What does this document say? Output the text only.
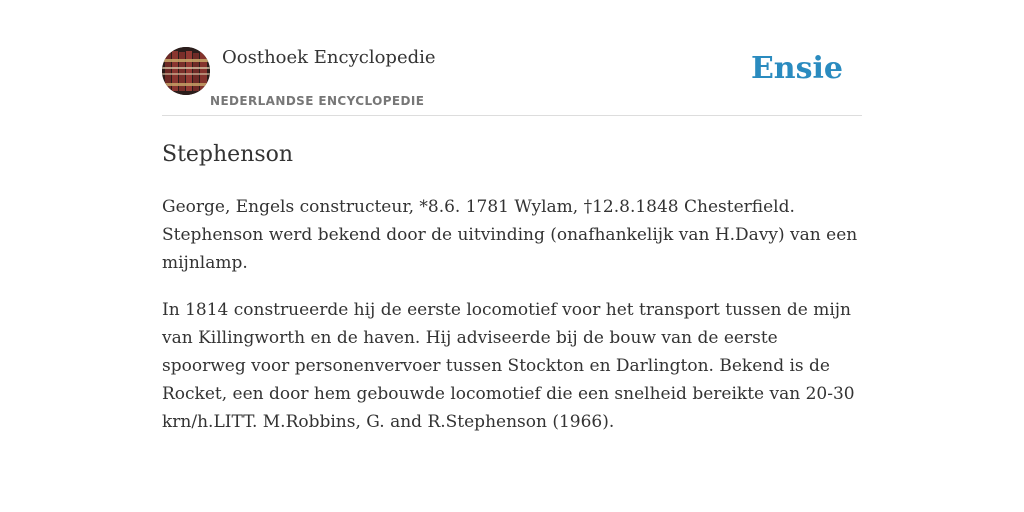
Oosthoek Encyclopedie
NEDERLANDSE ENCYCLOPEDIE
Ensie
Stephenson

George, Engels constructeur, *8.6. 1781 Wylam, †12.8.1848 Chesterfield. Stephenson werd bekend door de uitvinding (onafhankelijk van H.Davy) van een mijnlamp.

In 1814 construeerde hij de eerste locomotief voor het transport tussen de mijn van Killingworth en de haven. Hij adviseerde bij de bouw van de eerste spoorweg voor personenvervoer tussen Stockton en Darlington. Bekend is de Rocket, een door hem gebouwde locomotief die een snelheid bereikte van 20-30 krn/h.LITT. M.Robbins, G. and R.Stephenson (1966).
